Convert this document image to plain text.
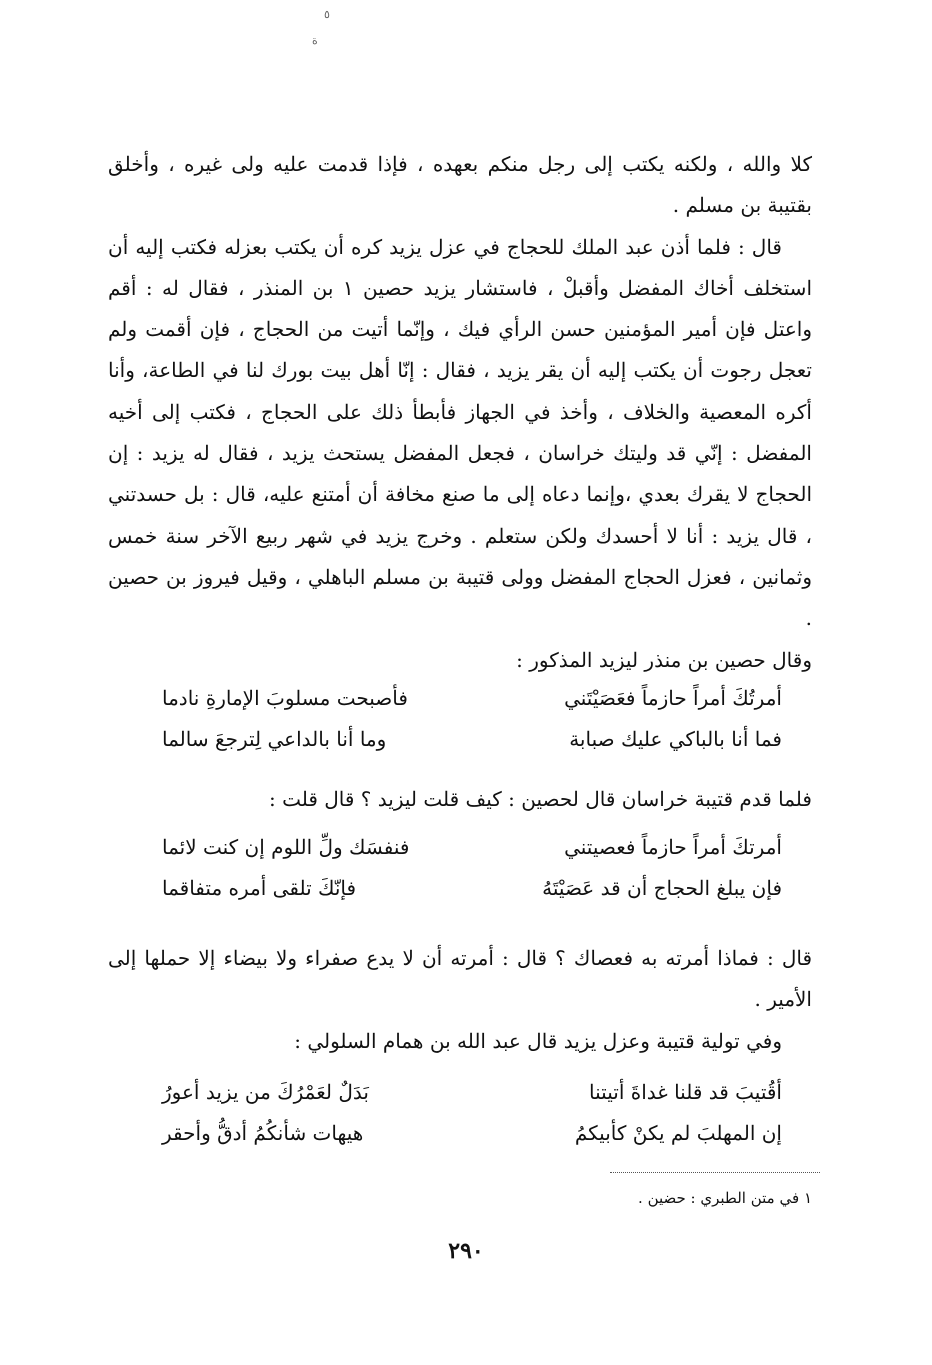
٥
ﺓ

كلا والله ، ولكنه يكتب إلى رجل منكم بعهده ، فإذا قدمت عليه ولى غيره ، وأخلق بقتيبة بن مسلم .

قال : فلما أذن عبد الملك للحجاج في عزل يزيد كره أن يكتب بعزله فكتب إليه أن استخلف أخاك المفضل وأقبلْ ، فاستشار يزيد حصين ١ بن المنذر ، فقال له : أقم واعتل فإن أمير المؤمنين حسن الرأي فيك ، وإنّما أتيت من الحجاج ، فإن أقمت ولم تعجل رجوت أن يكتب إليه أن يقر يزيد ، فقال : إنّا أهل بيت بورك لنا في الطاعة، وأنا أكره المعصية والخلاف ، وأخذ في الجهاز فأبطأ ذلك على الحجاج ، فكتب إلى أخيه المفضل : إنّي قد وليتك خراسان ، فجعل المفضل يستحث يزيد ، فقال له يزيد : إن الحجاج لا يقرك بعدي ،وإنما دعاه إلى ما صنع مخافة أن أمتنع عليه، قال : بل حسدتني ، قال يزيد : أنا لا أحسدك ولكن ستعلم . وخرج يزيد في شهر ربيع الآخر سنة خمس وثمانين ، فعزل الحجاج المفضل وولى قتيبة بن مسلم الباهلي ، وقيل فيروز بن حصين .

وقال حصين بن منذر ليزيد المذكور :

أمرتُكَ أمراً حازماً فعَصَيْتَني
فأصبحت مسلوبَ الإمارةِ نادما
فما أنا بالباكي عليك صبابة
وما أنا بالداعي لِترجعَ سالما
فلما قدم قتيبة خراسان قال لحصين : كيف قلت ليزيد ؟ قال قلت :
أمرتكَ أمراً حازماً فعصيتني
فنفسَك ولِّ اللوم إن كنت لائما
فإن يبلغ الحجاج أن قد عَصَيْتَهُ
فإنّكَ تلقى أمره متفاقما

قال : فماذا أمرته به فعصاك ؟ قال : أمرته أن لا يدع صفراء ولا بيضاء إلا حملها إلى الأمير .

وفي تولية قتيبة وعزل يزيد قال عبد الله بن همام السلولي :

أقُتيبَ قد قلنا غداةَ أتيتنا
بَدَلٌ لعَمْرُكَ من يزيد أعورُ
إن المهلبَ لم يكنْ كأبيكمُ
هيهات شأنكُمُ أدقُّ وأحقر
١ في متن الطبري : حضين .
٢٩٠
